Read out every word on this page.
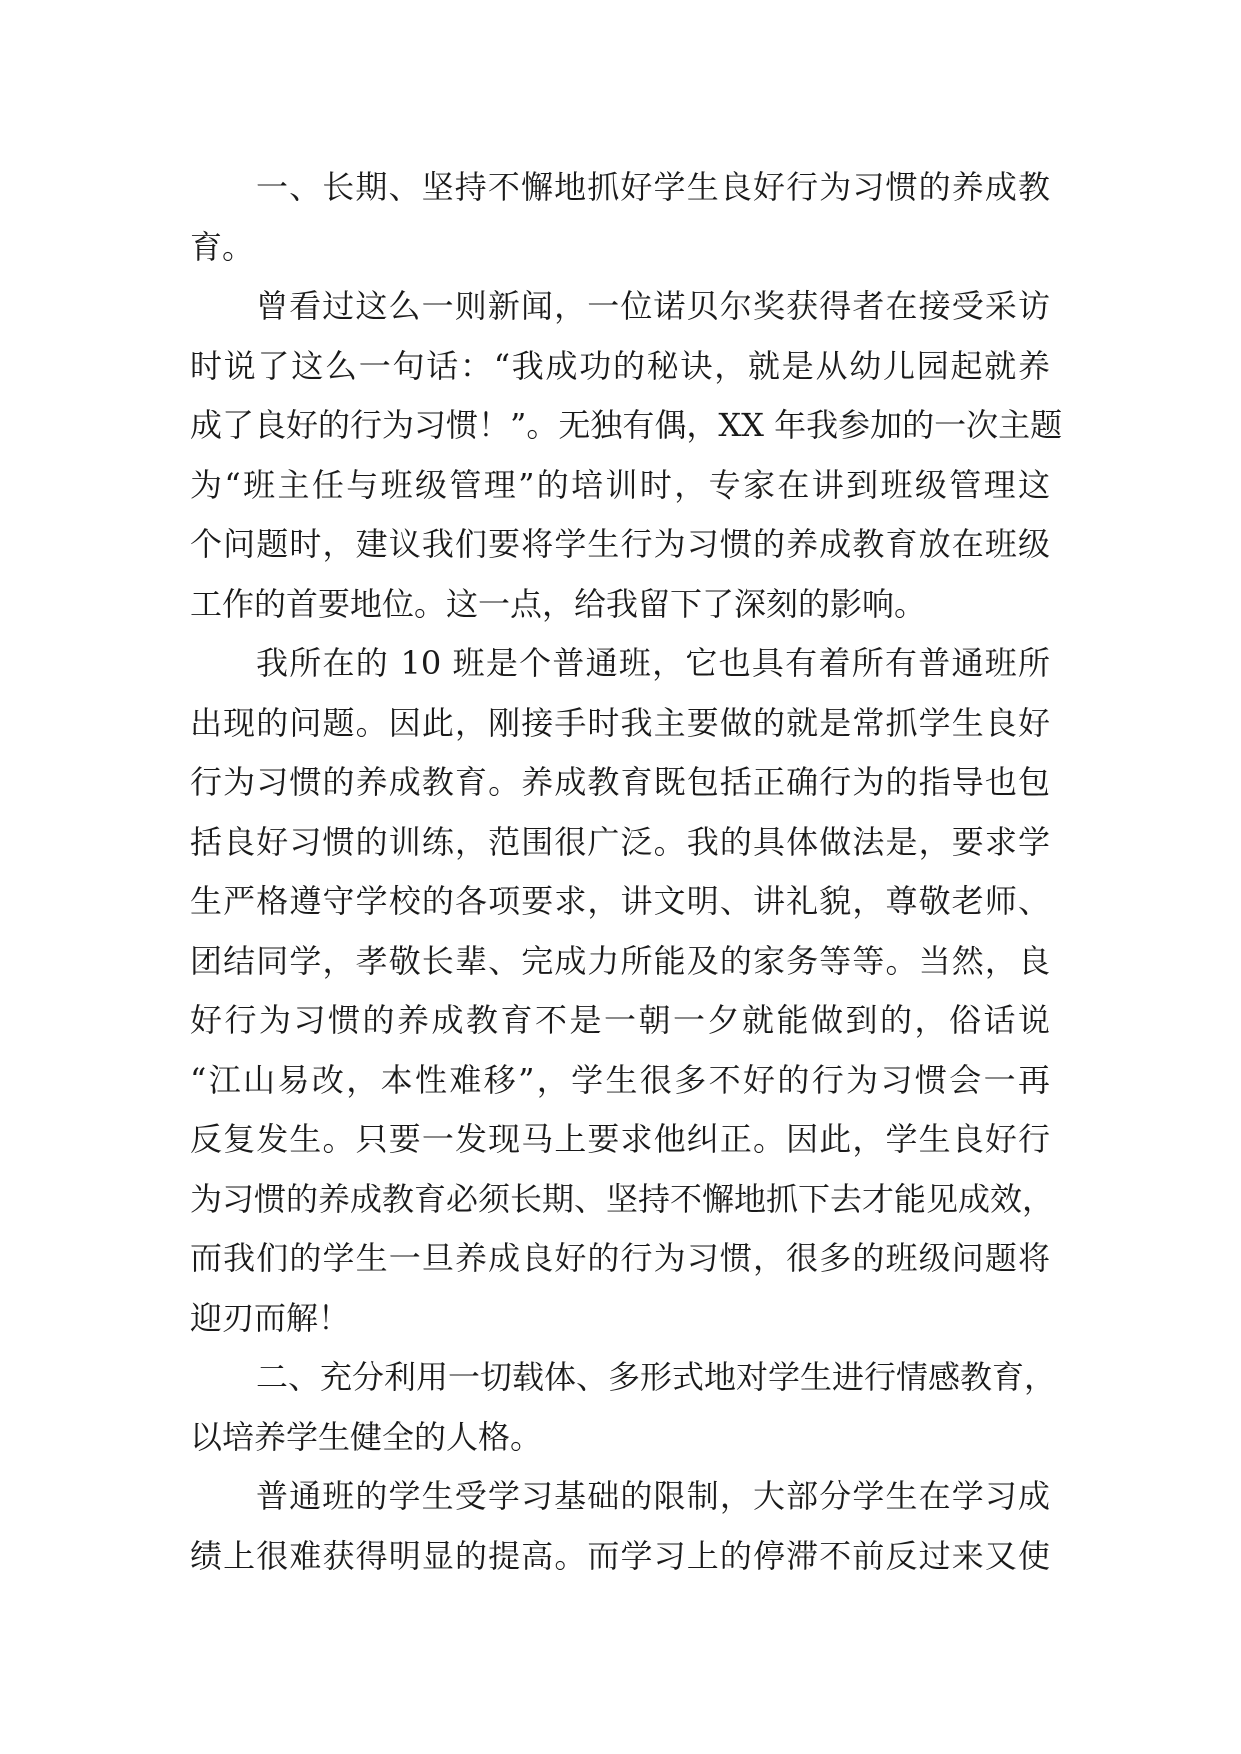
一、长期、坚持不懈地抓好学生良好行为习惯的养成教
育。
曾看过这么一则新闻，一位诺贝尔奖获得者在接受采访
时说了这么一句话：“我成功的秘诀，就是从幼儿园起就养
成了良好的行为习惯！”。无独有偶，XX 年我参加的一次主题
为“班主任与班级管理”的培训时，专家在讲到班级管理这
个问题时，建议我们要将学生行为习惯的养成教育放在班级
工作的首要地位。这一点，给我留下了深刻的影响。
我所在的 10 班是个普通班，它也具有着所有普通班所
出现的问题。因此，刚接手时我主要做的就是常抓学生良好
行为习惯的养成教育。养成教育既包括正确行为的指导也包
括良好习惯的训练，范围很广泛。我的具体做法是，要求学
生严格遵守学校的各项要求，讲文明、讲礼貌，尊敬老师、
团结同学，孝敬长辈、完成力所能及的家务等等。当然，良
好行为习惯的养成教育不是一朝一夕就能做到的，俗话说
“江山易改，本性难移”，学生很多不好的行为习惯会一再
反复发生。只要一发现马上要求他纠正。因此，学生良好行
为习惯的养成教育必须长期、坚持不懈地抓下去才能见成效，
而我们的学生一旦养成良好的行为习惯，很多的班级问题将
迎刃而解！
二、充分利用一切载体、多形式地对学生进行情感教育，
以培养学生健全的人格。
普通班的学生受学习基础的限制，大部分学生在学习成
绩上很难获得明显的提高。而学习上的停滞不前反过来又使
